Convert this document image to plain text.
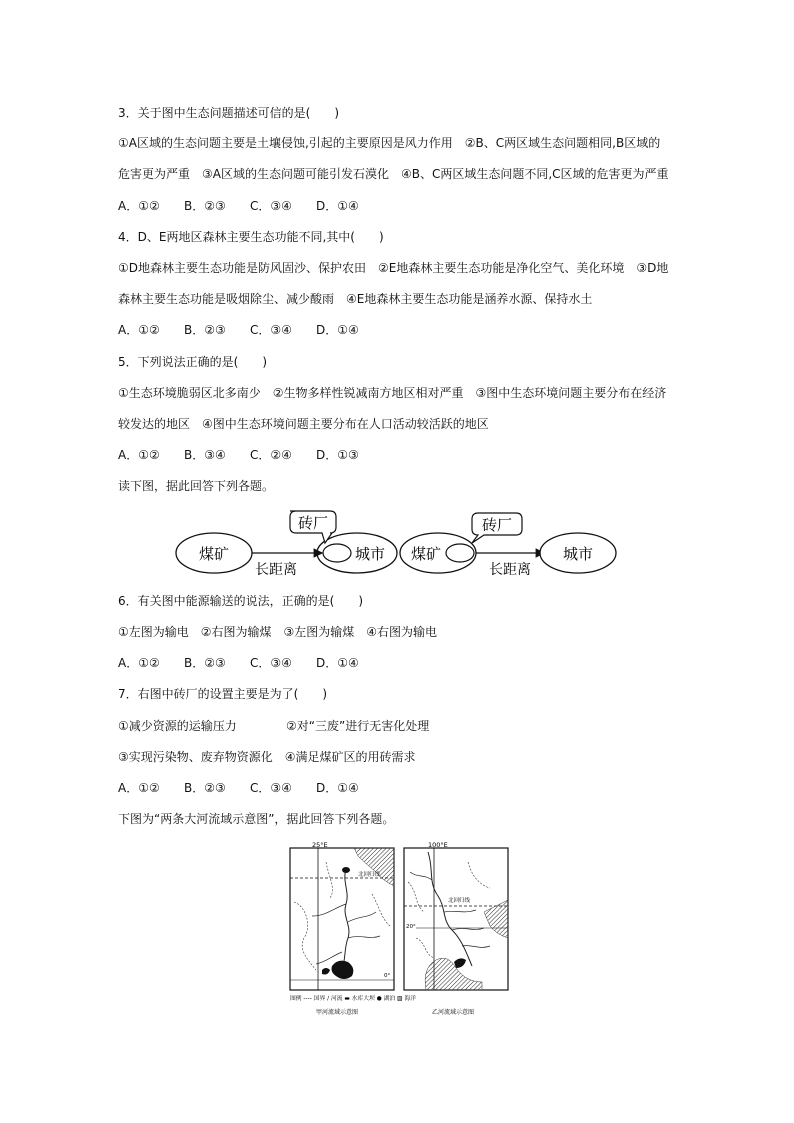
3．关于图中生态问题描述可信的是(　　)
①A区域的生态问题主要是土壤侵蚀,引起的主要原因是风力作用　②B、C两区域生态问题相同,B区域的
危害更为严重　③A区域的生态问题可能引发石漠化　④B、C两区域生态问题不同,C区域的危害更为严重
A．①② B．②③ C．③④ D．①④
4．D、E两地区森林主要生态功能不同,其中(　　)
①D地森林主要生态功能是防风固沙、保护农田　②E地森林主要生态功能是净化空气、美化环境　③D地
森林主要生态功能是吸烟除尘、减少酸雨　④E地森林主要生态功能是涵养水源、保持水土
A．①② B．②③ C．③④ D．①④
5．下列说法正确的是(　　)
①生态环境脆弱区北多南少　②生物多样性锐减南方地区相对严重　③图中生态环境问题主要分布在经济
较发达的地区　④图中生态环境问题主要分布在人口活动较活跃的地区
A．①② B．③④ C．②④ D．①③
读下图，据此回答下列各题。
煤矿
长距离
城市
砖厂
煤矿
长距离
城市
砖厂
6．有关图中能源输送的说法，正确的是(　　)
①左图为输电　②右图为输煤　③左图为输煤　④右图为输电
A．①② B．②③ C．③④ D．①④
7．右图中砖厂的设置主要是为了(　　)
①减少资源的运输压力	②对“三废”进行无害化处理
③实现污染物、废弃物资源化　④满足煤矿区的用砖需求
A．①② B．②③ C．③④ D．①④
下图为“两条大河流域示意图”，据此回答下列各题。
25°E
北回归线
0°
100°E
北回归线
20°
图例 ---- 国界 ∕ 河流 ▬ 水库大坝 ● 湖泊 ▨ 海洋
甲河流域示意图	乙河流域示意图
